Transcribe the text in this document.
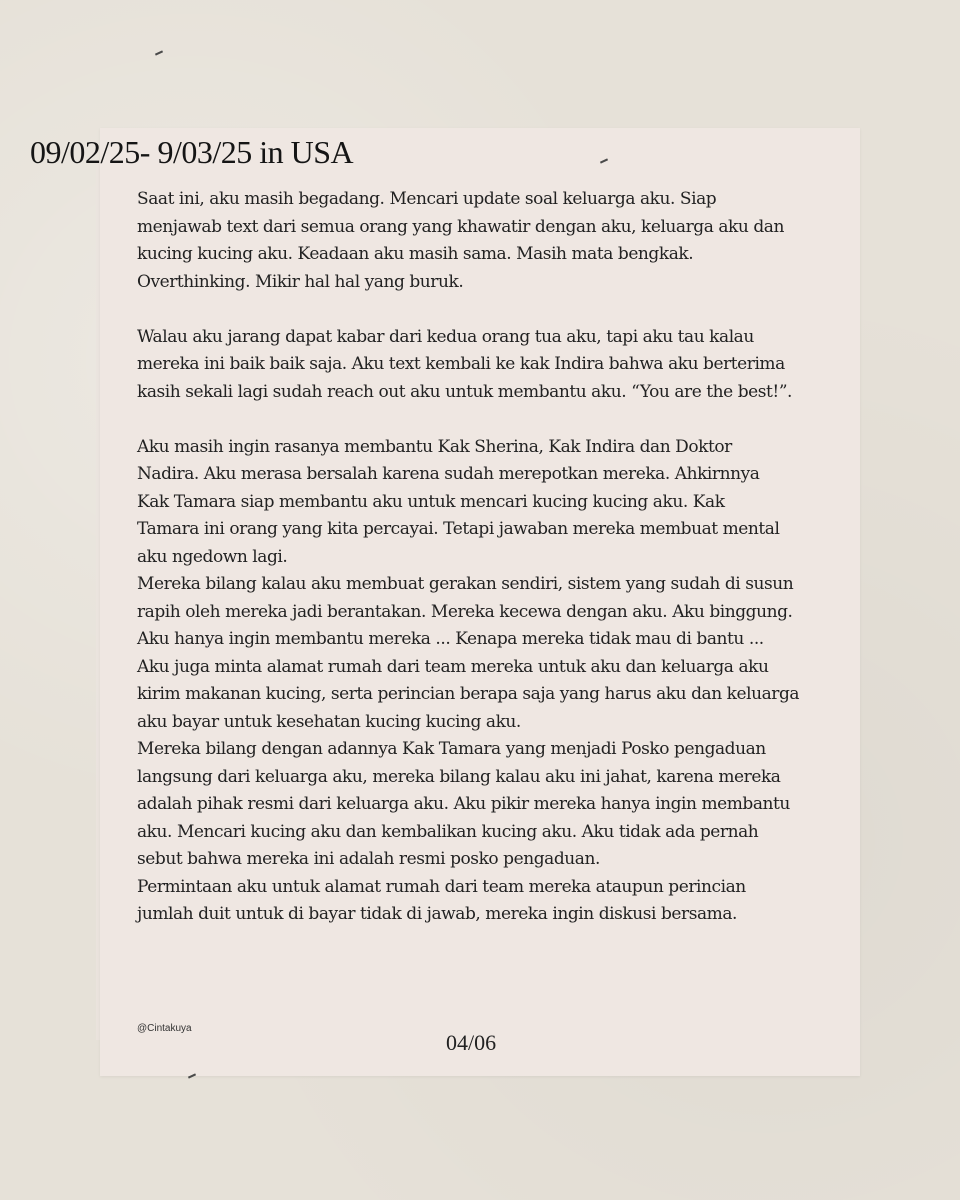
09/02/25- 9/03/25 in USA

Saat ini, aku masih begadang. Mencari update soal keluarga aku. Siap

menjawab text dari semua orang yang khawatir dengan aku, keluarga aku dan

kucing kucing aku. Keadaan aku masih sama. Masih mata bengkak.

Overthinking. Mikir hal hal yang buruk.

Walau aku jarang dapat kabar dari kedua orang tua aku, tapi aku tau kalau

mereka ini baik baik saja. Aku text kembali ke kak Indira bahwa aku berterima

kasih sekali lagi sudah reach out aku untuk membantu aku. “You are the best!”.

Aku masih ingin rasanya membantu Kak Sherina, Kak Indira dan Doktor

Nadira. Aku merasa bersalah karena sudah merepotkan mereka. Ahkirnnya

Kak Tamara siap membantu aku untuk mencari kucing kucing aku. Kak

Tamara ini orang yang kita percayai. Tetapi jawaban mereka membuat mental

aku ngedown lagi.

Mereka bilang kalau aku membuat gerakan sendiri, sistem yang sudah di susun

rapih oleh mereka jadi berantakan. Mereka kecewa dengan aku. Aku binggung.

Aku hanya ingin membantu mereka ... Kenapa mereka tidak mau di bantu ...

Aku juga minta alamat rumah dari team mereka untuk aku dan keluarga aku

kirim makanan kucing, serta perincian berapa saja yang harus aku dan keluarga

aku bayar untuk kesehatan kucing kucing aku.

Mereka bilang dengan adannya Kak Tamara yang menjadi Posko pengaduan

langsung dari keluarga aku, mereka bilang kalau aku ini jahat, karena mereka

adalah pihak resmi dari keluarga aku. Aku pikir mereka hanya ingin membantu

aku. Mencari kucing aku dan kembalikan kucing aku. Aku tidak ada pernah

sebut bahwa mereka ini adalah resmi posko pengaduan.

Permintaan aku untuk alamat rumah dari team mereka ataupun perincian

jumlah duit untuk di bayar tidak di jawab, mereka ingin diskusi bersama.

@Cintakuya
04/06
